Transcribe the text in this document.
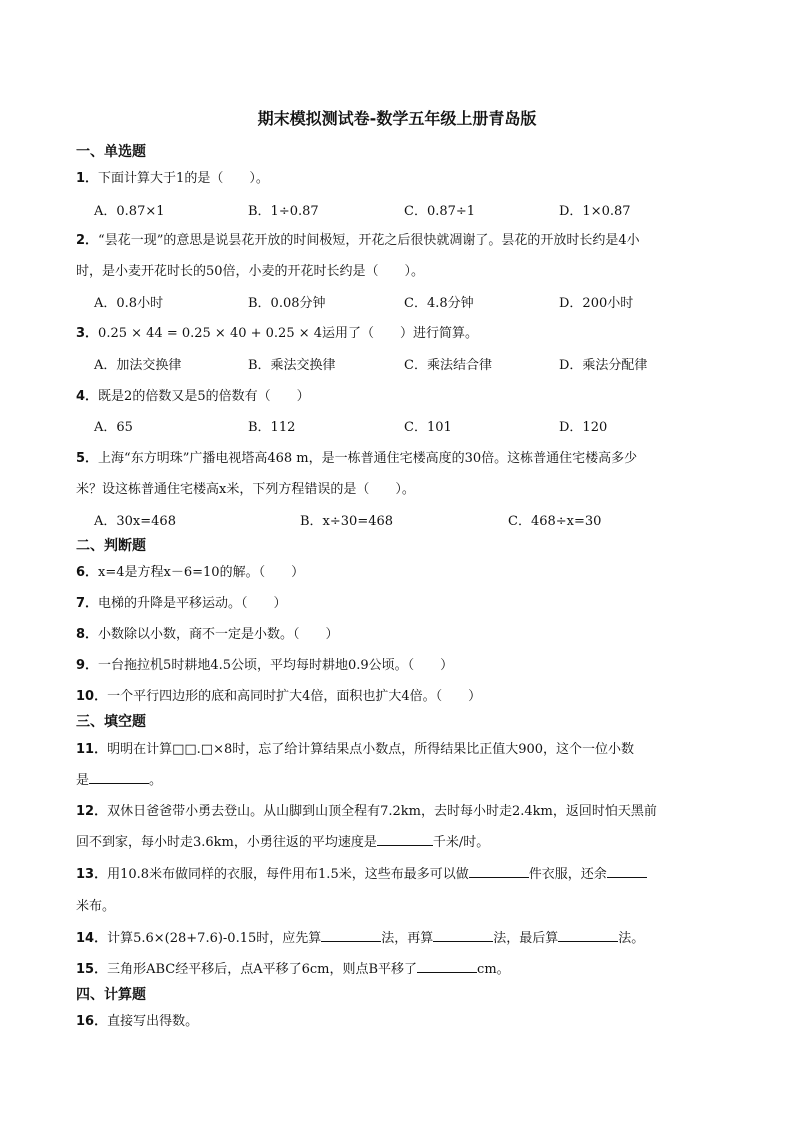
期末模拟测试卷-数学五年级上册青岛版
一、单选题
1．下面计算大于1的是（　　）。
A．0.87×1	B．1÷0.87	C．0.87÷1	D．1×0.87
2．“昙花一现”的意思是说昙花开放的时间极短，开花之后很快就凋谢了。昙花的开放时长约是4小
时，是小麦开花时长的50倍，小麦的开花时长约是（　　）。
A．0.8小时	B．0.08分钟	C．4.8分钟	D．200小时
3．0.25 × 44 = 0.25 × 40 + 0.25 × 4运用了（　　）进行简算。
A．加法交换律	B．乘法交换律	C．乘法结合律	D．乘法分配律
4．既是2的倍数又是5的倍数有（　　）
A．65	B．112	C．101	D．120
5．上海“东方明珠”广播电视塔高468 m，是一栋普通住宅楼高度的30倍。这栋普通住宅楼高多少
米？设这栋普通住宅楼高x米，下列方程错误的是（　　）。
A．30x=468	B．x÷30=468	C．468÷x=30
二、判断题
6．x=4是方程x－6=10的解。（　　）
7．电梯的升降是平移运动。（　　）
8．小数除以小数，商不一定是小数。（　　）
9．一台拖拉机5时耕地4.5公顷，平均每时耕地0.9公顷。（　　）
10．一个平行四边形的底和高同时扩大4倍，面积也扩大4倍。（　　）
三、填空题
11．明明在计算□□.□×8时，忘了给计算结果点小数点，所得结果比正值大900，这个一位小数
是	。
12．双休日爸爸带小勇去登山。从山脚到山顶全程有7.2km，去时每小时走2.4km，返回时怕天黑前
回不到家，每小时走3.6km，小勇往返的平均速度是	千米/时。
13．用10.8米布做同样的衣服，每件用布1.5米，这些布最多可以做	件衣服，还余
米布。
14．计算5.6×(28+7.6)-0.15时，应先算	法，再算	法，最后算	法。
15．三角形ABC经平移后，点A平移了6cm，则点B平移了	cm。
四、计算题
16．直接写出得数。
